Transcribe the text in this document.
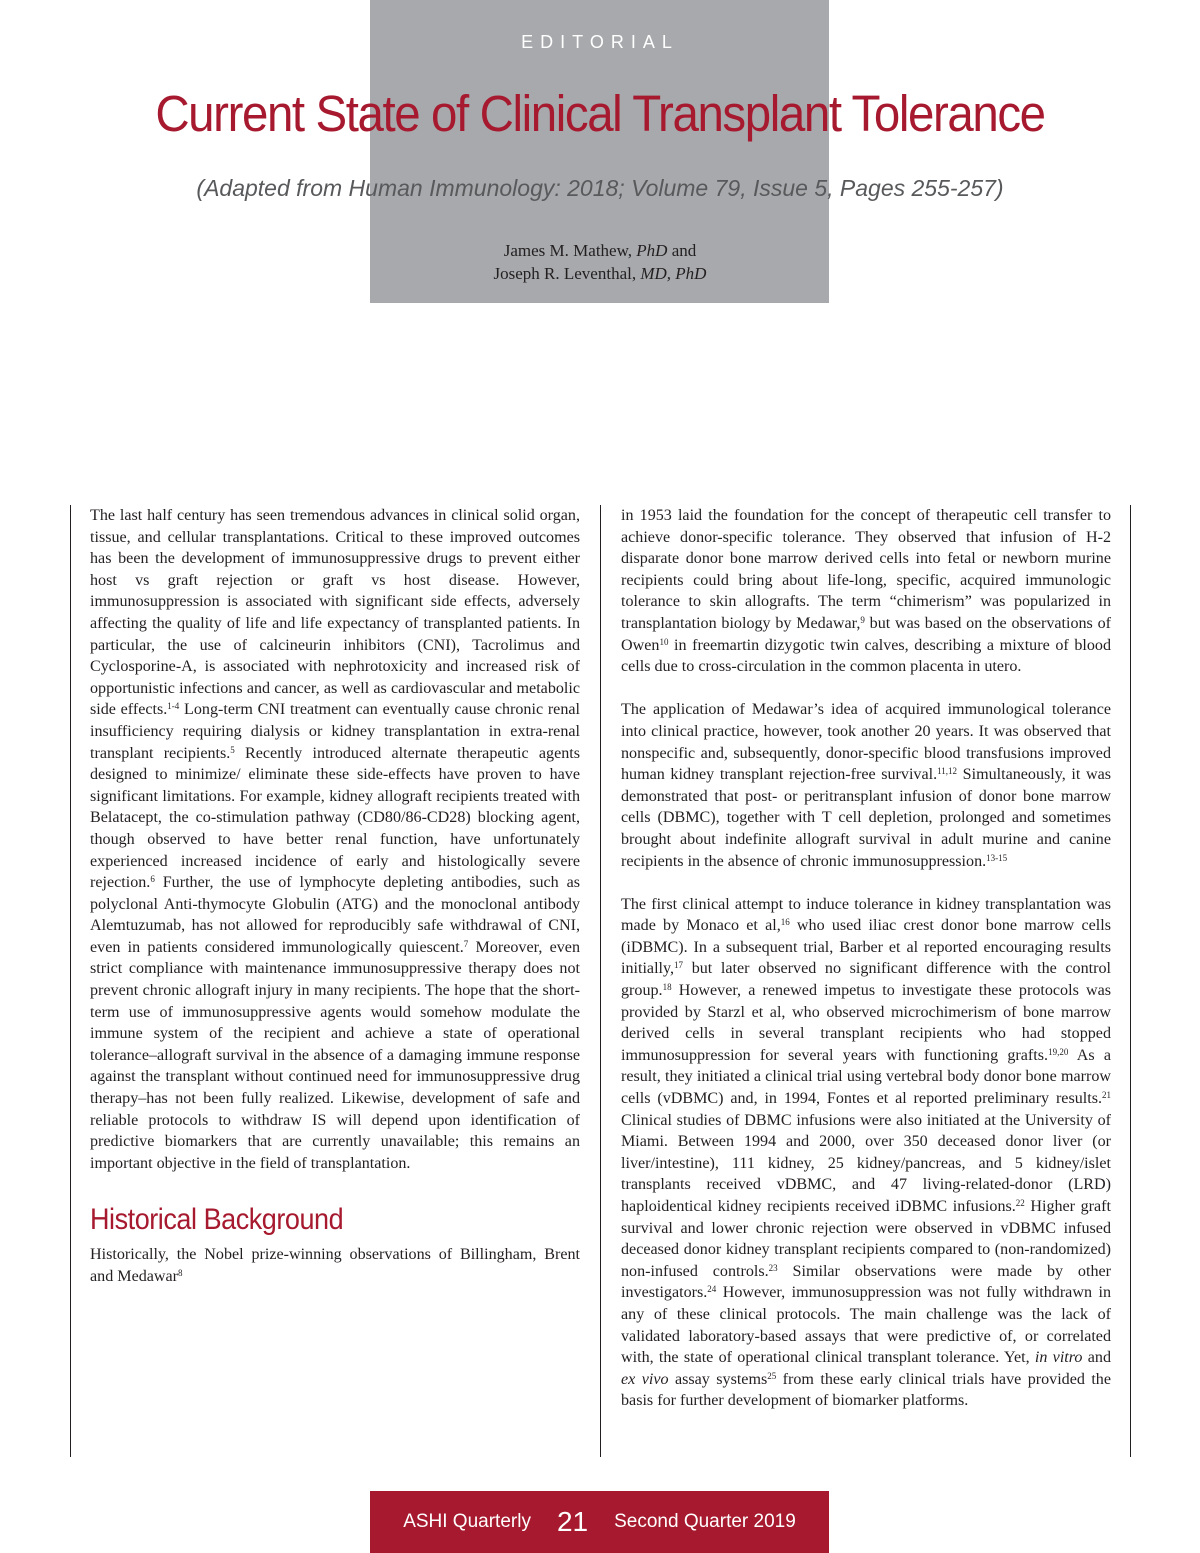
EDITORIAL
Current State of Clinical Transplant Tolerance
(Adapted from Human Immunology: 2018; Volume 79, Issue 5, Pages 255-257)
James M. Mathew, PhD and
Joseph R. Leventhal, MD, PhD

The last half century has seen tremendous advances in clinical solid organ, tissue, and cellular transplantations. Critical to these improved outcomes has been the development of immunosuppressive drugs to prevent either host vs graft rejection or graft vs host disease. However, immunosuppression is associated with significant side effects, adversely affecting the quality of life and life expectancy of transplanted patients. In particular, the use of calcineurin inhibitors (CNI), Tacrolimus and Cyclosporine-A, is associated with nephrotoxicity and increased risk of opportunistic infections and cancer, as well as cardiovascular and metabolic side effects.$^{1-4}$ Long-term CNI treatment can eventually cause chronic renal insufficiency requiring dialysis or kidney transplantation in extra-renal transplant recipients.$^5$ Recently introduced alternate therapeutic agents designed to minimize/ eliminate these side-effects have proven to have significant limitations. For example, kidney allograft recipients treated with Belatacept, the co-stimulation pathway (CD80/86-CD28) blocking agent, though observed to have better renal function, have unfortunately experienced increased incidence of early and histologically severe rejection.$^6$ Further, the use of lymphocyte depleting antibodies, such as polyclonal Anti-thymocyte Globulin (ATG) and the monoclonal antibody Alemtuzumab, has not allowed for reproducibly safe withdrawal of CNI, even in patients considered immunologically quiescent.$^7$ Moreover, even strict compliance with maintenance immunosuppressive therapy does not prevent chronic allograft injury in many recipients. The hope that the short-term use of immunosuppressive agents would somehow modulate the immune system of the recipient and achieve a state of operational tolerance–allograft survival in the absence of a damaging immune response against the transplant without continued need for immunosuppressive drug therapy–has not been fully realized. Likewise, development of safe and reliable protocols to withdraw IS will depend upon identification of predictive biomarkers that are currently unavailable; this remains an important objective in the field of transplantation.

Historical Background

Historically, the Nobel prize-winning observations of Billingham, Brent and Medawar$^8$

in 1953 laid the foundation for the concept of therapeutic cell transfer to achieve donor-specific tolerance. They observed that infusion of H-2 disparate donor bone marrow derived cells into fetal or newborn murine recipients could bring about life-long, specific, acquired immunologic tolerance to skin allografts. The term “chimerism” was popularized in transplantation biology by Medawar,$^9$ but was based on the observations of Owen$^{10}$ in freemartin dizygotic twin calves, describing a mixture of blood cells due to cross-circulation in the common placenta in utero.

The application of Medawar’s idea of acquired immunological tolerance into clinical practice, however, took another 20 years. It was observed that nonspecific and, subsequently, donor-specific blood transfusions improved human kidney transplant rejection-free survival.$^{11,12}$ Simultaneously, it was demonstrated that post- or peritransplant infusion of donor bone marrow cells (DBMC), together with T cell depletion, prolonged and sometimes brought about indefinite allograft survival in adult murine and canine recipients in the absence of chronic immunosuppression.$^{13-15}$

The first clinical attempt to induce tolerance in kidney transplantation was made by Monaco et al,$^{16}$ who used iliac crest donor bone marrow cells (iDBMC). In a subsequent trial, Barber et al reported encouraging results initially,$^{17}$ but later observed no significant difference with the control group.$^{18}$ However, a renewed impetus to investigate these protocols was provided by Starzl et al, who observed microchimerism of bone marrow derived cells in several transplant recipients who had stopped immunosuppression for several years with functioning grafts.$^{19,20}$ As a result, they initiated a clinical trial using vertebral body donor bone marrow cells (vDBMC) and, in 1994, Fontes et al reported preliminary results.$^{21}$ Clinical studies of DBMC infusions were also initiated at the University of Miami. Between 1994 and 2000, over 350 deceased donor liver (or liver/intestine), 111 kidney, 25 kidney/pancreas, and 5 kidney/islet transplants received vDBMC, and 47 living-related-donor (LRD) haploidentical kidney recipients received iDBMC infusions.$^{22}$ Higher graft survival and lower chronic rejection were observed in vDBMC infused deceased donor kidney transplant recipients compared to (non-randomized) non-infused controls.$^{23}$ Similar observations were made by other investigators.$^{24}$ However, immunosuppression was not fully withdrawn in any of these clinical protocols. The main challenge was the lack of validated laboratory-based assays that were predictive of, or correlated with, the state of operational clinical transplant tolerance. Yet, in vitro and ex vivo assay systems$^{25}$ from these early clinical trials have provided the basis for further development of biomarker platforms.

ASHI Quarterly 21 Second Quarter 2019
